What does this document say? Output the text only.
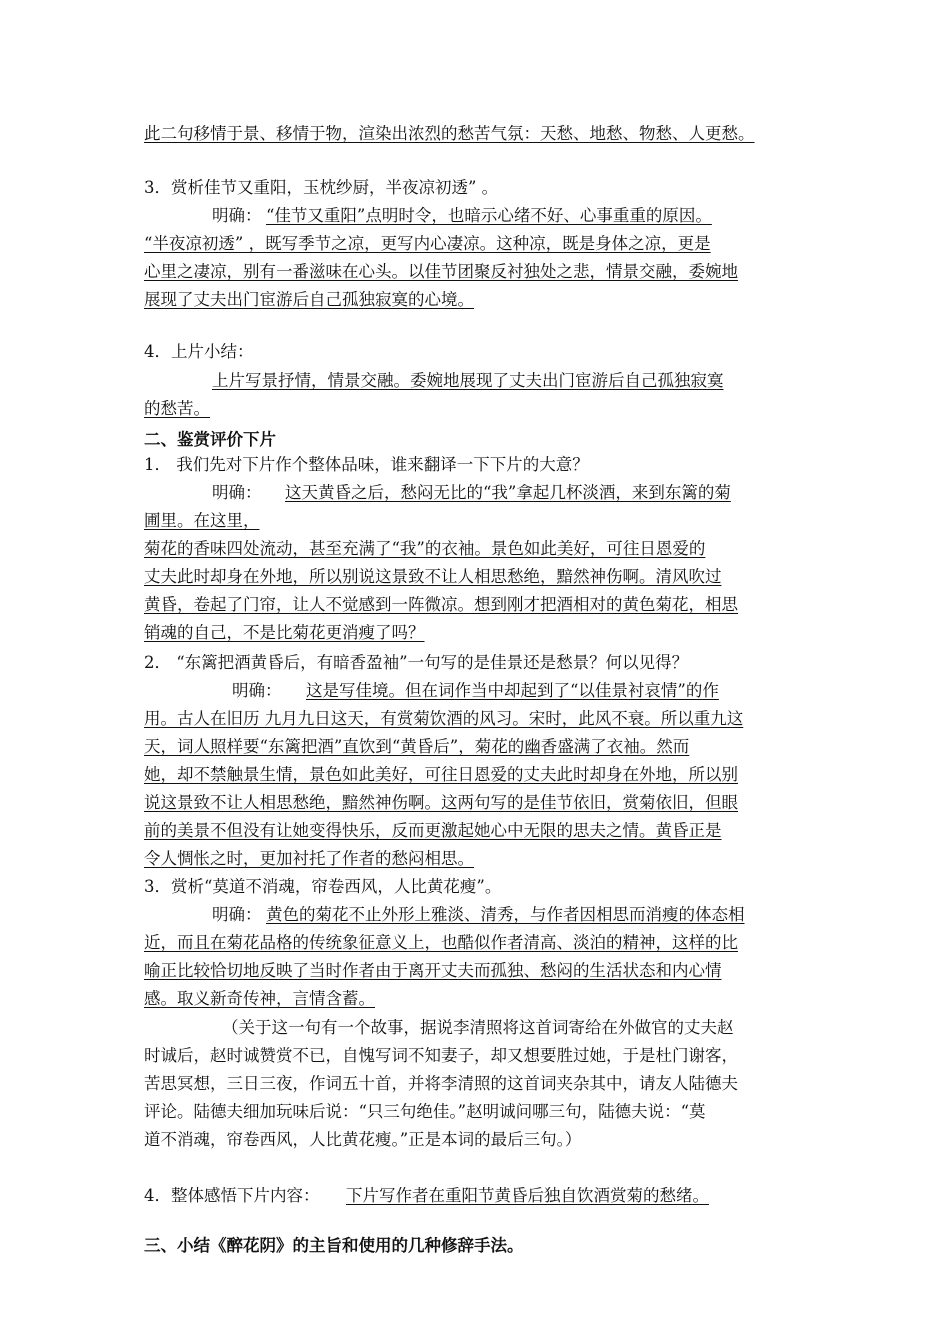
此二句移情于景、移情于物，渲染出浓烈的愁苦气氛：天愁、地愁、物愁、人更愁。
3．赏析佳节又重阳，玉枕纱厨，半夜凉初透” 。
明确： “佳节又重阳”点明时令，也暗示心绪不好、心事重重的原因。
“半夜凉初透” ，既写季节之凉，更写内心凄凉。这种凉，既是身体之凉，更是
心里之凄凉，别有一番滋味在心头。以佳节团聚反衬独处之悲，情景交融，委婉地
展现了丈夫出门宦游后自己孤独寂寞的心境。
4．上片小结：
上片写景抒情，情景交融。委婉地展现了丈夫出门宦游后自己孤独寂寞
的愁苦。
二、鉴赏评价下片
1． 我们先对下片作个整体品味，谁来翻译一下下片的大意？
明确： 这天黄昏之后，愁闷无比的“我”拿起几杯淡酒，来到东篱的菊
圃里。在这里，
菊花的香味四处流动，甚至充满了“我”的衣袖。景色如此美好，可往日恩爱的
丈夫此时却身在外地，所以别说这景致不让人相思愁绝，黯然神伤啊。清风吹过
黄昏，卷起了门帘，让人不觉感到一阵微凉。想到刚才把酒相对的黄色菊花，相思
销魂的自己，不是比菊花更消瘦了吗？
2． “东篱把酒黄昏后，有暗香盈袖”一句写的是佳景还是愁景？何以见得？
明确： 这是写佳境。但在词作当中却起到了“以佳景衬哀情”的作
用。古人在旧历 九月九日这天，有赏菊饮酒的风习。宋时，此风不衰。所以重九这
天，词人照样要“东篱把酒”直饮到“黄昏后”，菊花的幽香盛满了衣袖。然而
她，却不禁触景生情，景色如此美好，可往日恩爱的丈夫此时却身在外地，所以别
说这景致不让人相思愁绝，黯然神伤啊。这两句写的是佳节依旧，赏菊依旧，但眼
前的美景不但没有让她变得快乐，反而更激起她心中无限的思夫之情。黄昏正是
令人惆怅之时，更加衬托了作者的愁闷相思。
3．赏析“莫道不消魂，帘卷西风，人比黄花瘦”。
明确： 黄色的菊花不止外形上雅淡、清秀，与作者因相思而消瘦的体态相
近，而且在菊花品格的传统象征意义上，也酷似作者清高、淡泊的精神，这样的比
喻正比较恰切地反映了当时作者由于离开丈夫而孤独、愁闷的生活状态和内心情
感。取义新奇传神，言情含蓄。
（关于这一句有一个故事，据说李清照将这首词寄给在外做官的丈夫赵
时诚后，赵时诚赞赏不已，自愧写词不知妻子，却又想要胜过她，于是杜门谢客，
苦思冥想，三日三夜，作词五十首，并将李清照的这首词夹杂其中，请友人陆德夫
评论。陆德夫细加玩味后说：“只三句绝佳。”赵明诚问哪三句，陆德夫说：“莫
道不消魂，帘卷西风，人比黄花瘦。”正是本词的最后三句。）
4．整体感悟下片内容： 下片写作者在重阳节黄昏后独自饮酒赏菊的愁绪。
三、小结《醉花阴》的主旨和使用的几种修辞手法。
